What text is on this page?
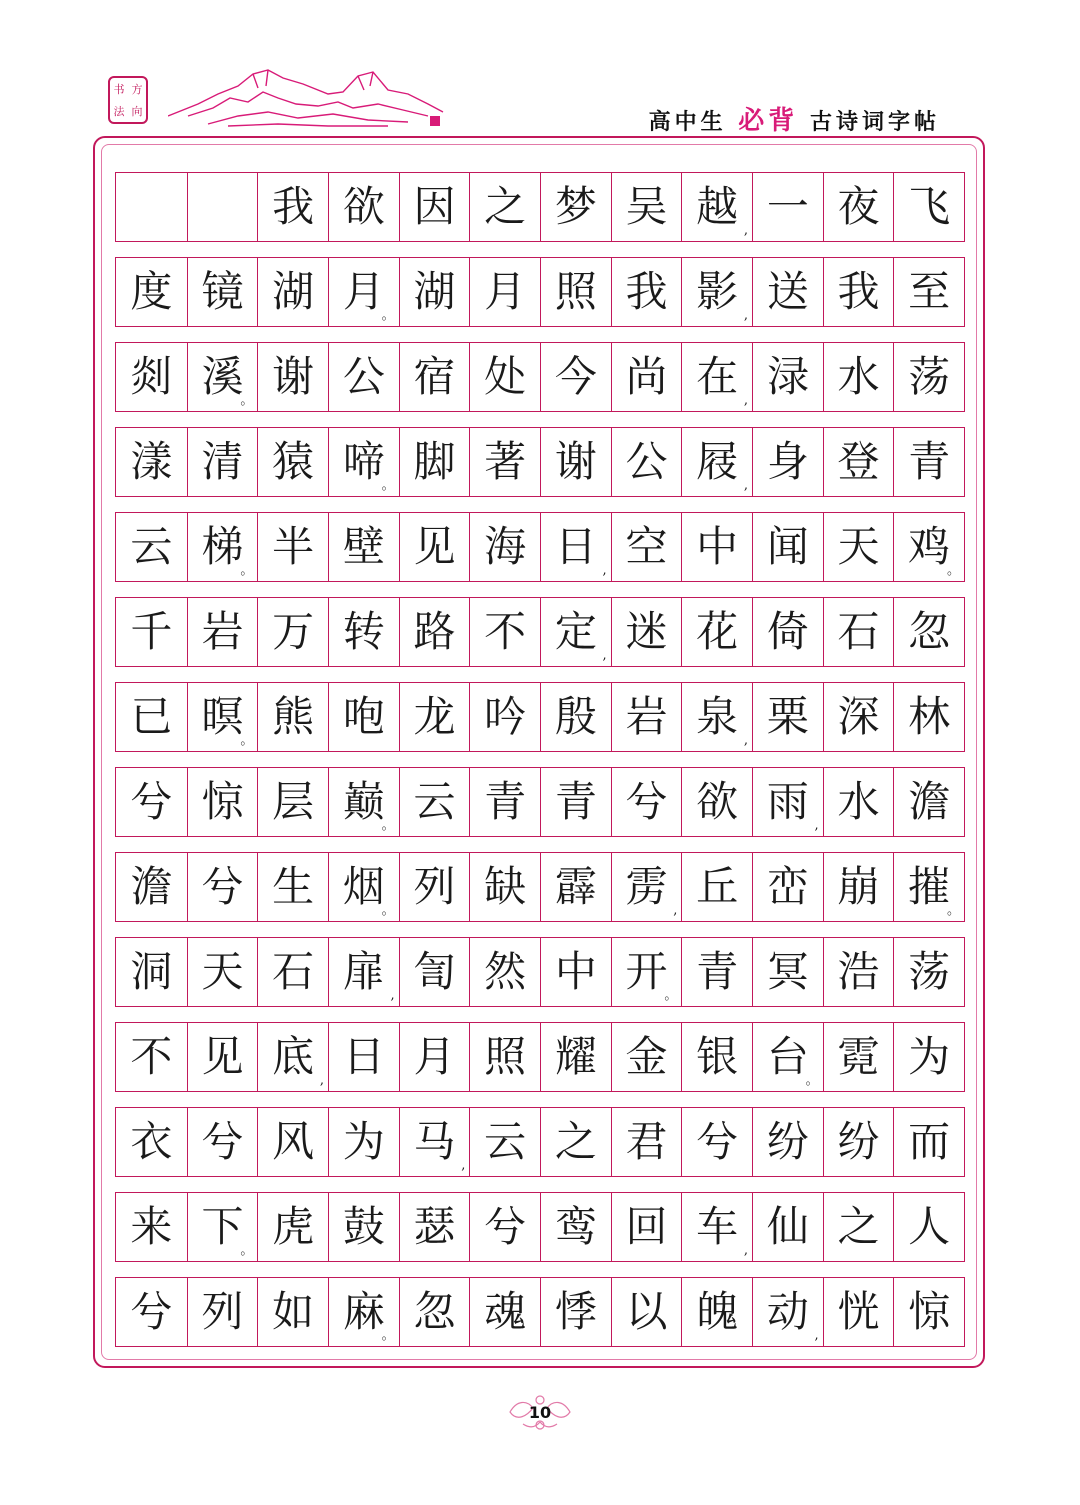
书 方
法 向	高中生 必背 古诗词字帖
我 欲 因 之 梦 吴 越 , 一 夜 飞
度 镜 湖 月
。 湖 月 照 我 影 , 送 我 至
剡 溪
。 谢 公 宿 处 今 尚 在 , 渌 水 荡
漾 清 猿 啼
。 脚 著 谢 公 屐 , 身 登 青
云 梯
。 半 壁 见 海 日 , 空 中 闻 天 鸡
。
千 岩 万 转 路 不 定 , 迷 花 倚 石 忽
已 暝
。 熊 咆 龙 吟 殷 岩 泉 , 栗 深 林
兮 惊 层 巅
。 云 青 青 兮 欲 雨 , 水 澹
澹 兮 生 烟
。 列 缺 霹 雳 , 丘 峦 崩 摧
。
洞 天 石 扉 , 訇 然 中 开
。 青 冥 浩 荡
不 见 底 , 日 月 照 耀 金 银 台
。 霓 为
衣 兮 风 为 马 , 云 之 君 兮 纷 纷 而
来 下
。 虎 鼓 瑟 兮 鸾 回 车 , 仙 之 人
兮 列 如 麻
。 忽 魂 悸 以 魄 动 , 恍 惊
10
